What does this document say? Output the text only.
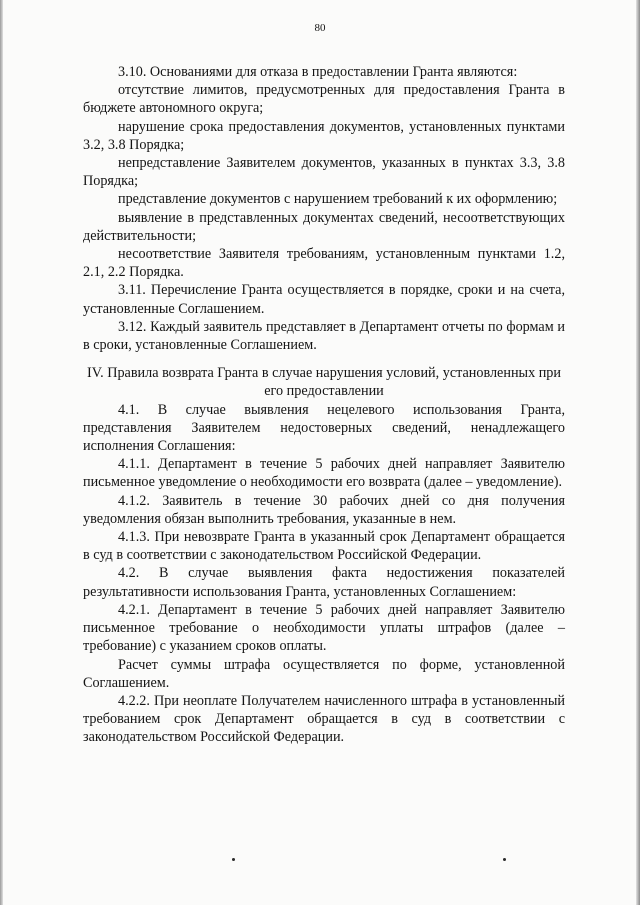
80

3.10. Основаниями для отказа в предоставлении Гранта являются:

отсутствие лимитов, предусмотренных для предоставления Гранта в бюджете автономного округа;

нарушение срока предоставления документов, установленных пунктами 3.2, 3.8 Порядка;

непредставление Заявителем документов, указанных в пунктах 3.3, 3.8 Порядка;

представление документов с нарушением требований к их оформлению;

выявление в представленных документах сведений, несоответствующих действительности;

несоответствие Заявителя требованиям, установленным пунктами 1.2, 2.1, 2.2 Порядка.

3.11. Перечисление Гранта осуществляется в порядке, сроки и на счета, установленные Соглашением.

3.12. Каждый заявитель представляет в Департамент отчеты по формам и в сроки, установленные Соглашением.

IV. Правила возврата Гранта в случае нарушения условий, установленных при его предоставлении

4.1. В случае выявления нецелевого использования Гранта, представления Заявителем недостоверных сведений, ненадлежащего исполнения Соглашения:

4.1.1. Департамент в течение 5 рабочих дней направляет Заявителю письменное уведомление о необходимости его возврата (далее – уведомление).

4.1.2. Заявитель в течение 30 рабочих дней со дня получения уведомления обязан выполнить требования, указанные в нем.

4.1.3. При невозврате Гранта в указанный срок Департамент обращается в суд в соответствии с законодательством Российской Федерации.

4.2. В случае выявления факта недостижения показателей результативности использования Гранта, установленных Соглашением:

4.2.1. Департамент в течение 5 рабочих дней направляет Заявителю письменное требование о необходимости уплаты штрафов (далее – требование) с указанием сроков оплаты.

Расчет суммы штрафа осуществляется по форме, установленной Соглашением.

4.2.2. При неоплате Получателем начисленного штрафа в установленный требованием срок Департамент обращается в суд в соответствии с законодательством Российской Федерации.
